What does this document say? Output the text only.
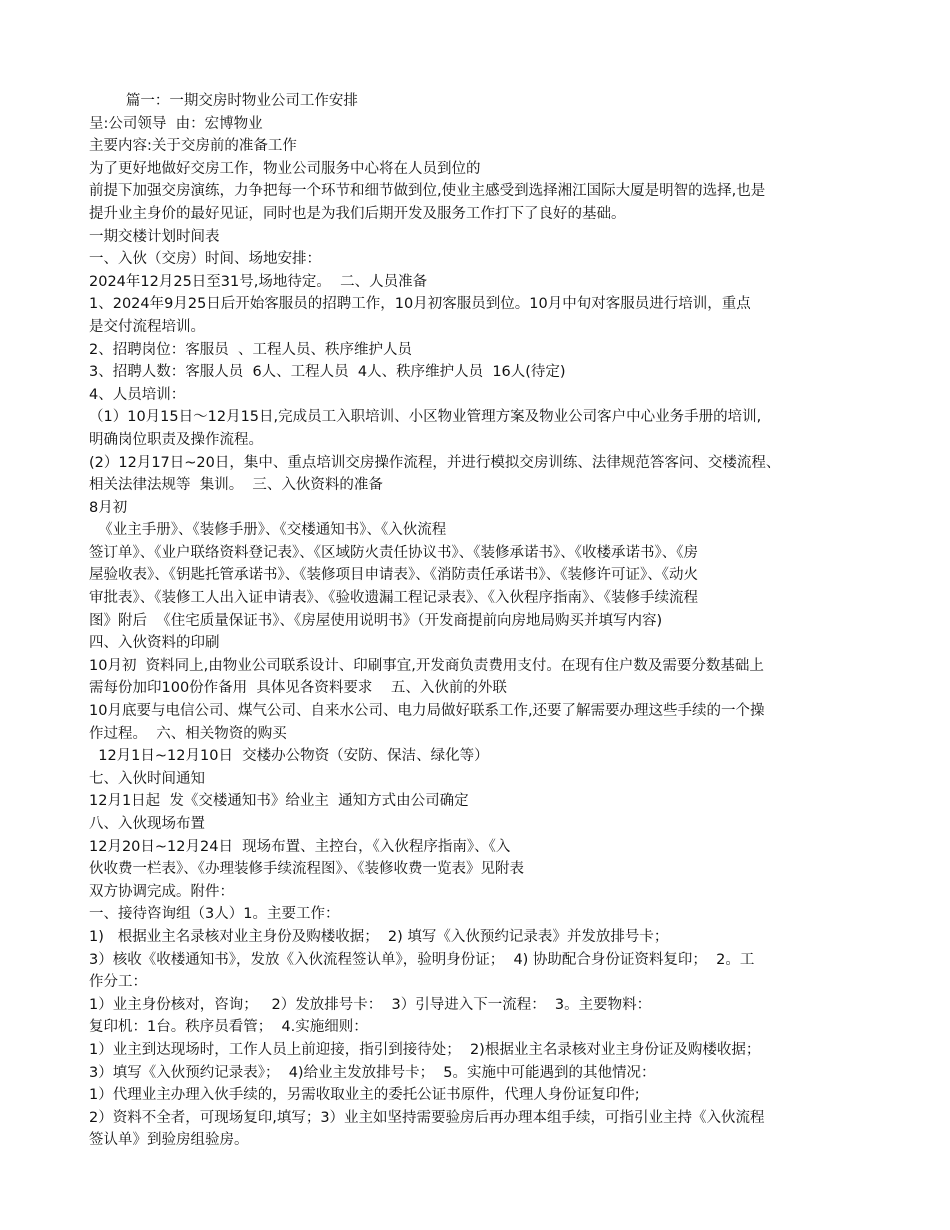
篇一：一期交房时物业公司工作安排
呈:公司领导  由：宏博物业
主要内容:关于交房前的准备工作
为了更好地做好交房工作，物业公司服务中心将在人员到位的
前提下加强交房演练，力争把每一个环节和细节做到位,使业主感受到选择湘江国际大厦是明智的选择,也是
提升业主身价的最好见证，同时也是为我们后期开发及服务工作打下了良好的基础。
一期交楼计划时间表
一、入伙（交房）时间、场地安排：
2024年12月25日至31号,场地待定。  二、人员准备
1、2024年9月25日后开始客服员的招聘工作，10月初客服员到位。10月中旬对客服员进行培训，重点
是交付流程培训。
2、招聘岗位：客服员  、工程人员、秩序维护人员
3、招聘人数：客服人员  6人、工程人员  4人、秩序维护人员  16人(待定)
4、人员培训：
（1）10月15日～12月15日,完成员工入职培训、小区物业管理方案及物业公司客户中心业务手册的培训,
明确岗位职责及操作流程。
(2）12月17日~20日，集中、重点培训交房操作流程，并进行模拟交房训练、法律规范答客问、交楼流程、
相关法律法规等  集训。  三、入伙资料的准备
8月初
《业主手册》、《装修手册》、《交楼通知书》、《入伙流程
签订单》、《业户联络资料登记表》、《区域防火责任协议书》、《装修承诺书》、《收楼承诺书》、《房
屋验收表》、《钥匙托管承诺书》、《装修项目申请表》、《消防责任承诺书》、《装修许可证》、《动火
审批表》、《装修工人出入证申请表》、《验收遗漏工程记录表》、《入伙程序指南》、《装修手续流程
图》附后  《住宅质量保证书》、《房屋使用说明书》（开发商提前向房地局购买并填写内容)
四、入伙资料的印刷
10月初  资料同上,由物业公司联系设计、印刷事宜,开发商负责费用支付。在现有住户数及需要分数基础上
需每份加印100份作备用  具体见各资料要求    五、入伙前的外联
10月底要与电信公司、煤气公司、自来水公司、电力局做好联系工作,还要了解需要办理这些手续的一个操
作过程。  六、相关物资的购买
12月1日~12月10日  交楼办公物资（安防、保洁、绿化等）
七、入伙时间通知
12月1日起  发《交楼通知书》给业主  通知方式由公司确定
八、入伙现场布置
12月20日~12月24日  现场布置、主控台，《入伙程序指南》、《入
伙收费一栏表》、《办理装修手续流程图》、《装修收费一览表》见附表
双方协调完成。附件：
一、接待咨询组（3人）1。主要工作：
1)   根据业主名录核对业主身份及购楼收据；  2) 填写《入伙预约记录表》并发放排号卡；
3）核收《收楼通知书》，发放《入伙流程签认单》，验明身份证；  4) 协助配合身份证资料复印；  2。工
作分工：
1）业主身份核对，咨询；   2）发放排号卡：  3）引导进入下一流程：  3。主要物料：
复印机：1台。秩序员看管；  4.实施细则：
1）业主到达现场时，工作人员上前迎接，指引到接待处；  2)根据业主名录核对业主身份证及购楼收据；
3）填写《入伙预约记录表》；  4)给业主发放排号卡；  5。实施中可能遇到的其他情况：
1）代理业主办理入伙手续的，另需收取业主的委托公证书原件，代理人身份证复印件;
2）资料不全者，可现场复印,填写；3）业主如坚持需要验房后再办理本组手续，可指引业主持《入伙流程
签认单》到验房组验房。
